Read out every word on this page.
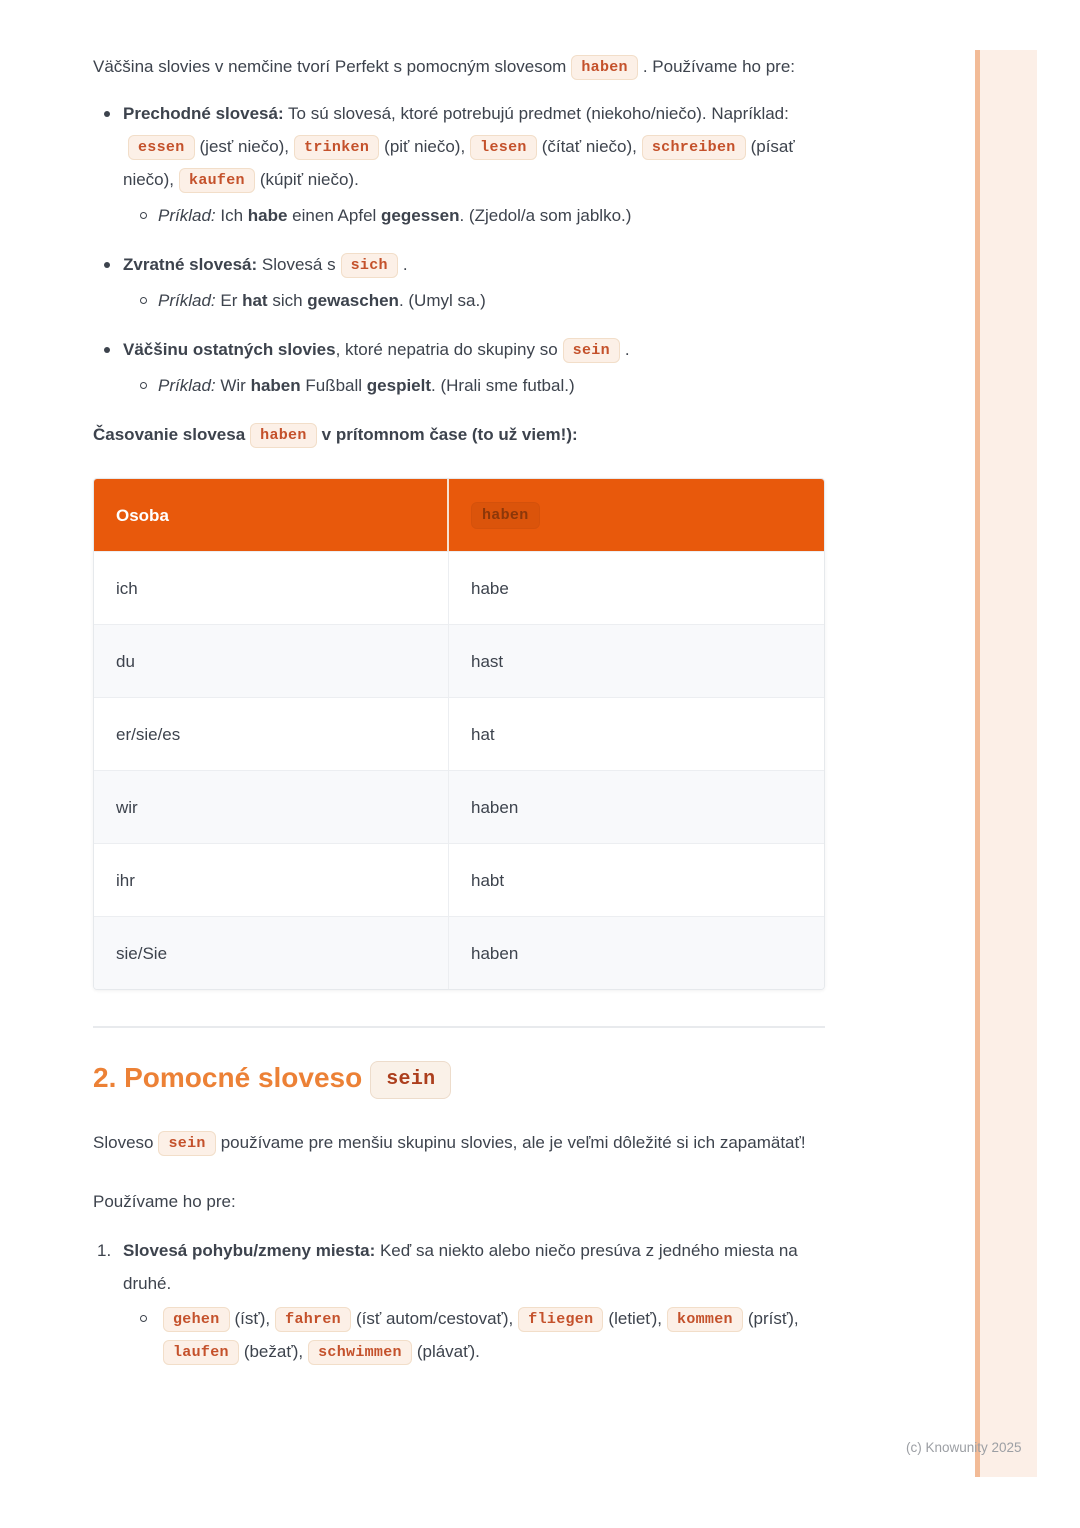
Väčšina slovies v nemčine tvorí Perfekt s pomocným slovesom haben . Používame ho pre:

Prechodné slovesá: To sú slovesá, ktoré potrebujú predmet (niekoho/niečo). Napríklad:essen (jesť niečo), trinken (piť niečo), lesen (čítať niečo), schreiben (písať niečo), kaufen (kúpiť niečo).
Príklad: Ich habe einen Apfel gegessen. (Zjedol/a som jablko.)
Zvratné slovesá: Slovesá s sich .
Príklad: Er hat sich gewaschen. (Umyl sa.)
Väčšinu ostatných slovies, ktoré nepatria do skupiny so sein .
Príklad: Wir haben Fußball gespielt. (Hrali sme futbal.)

Časovanie slovesa haben v prítomnom čase (to už viem!):

Osoba	haben
ich	habe
du	hast
er/sie/es	hat
wir	haben
ihr	habt
sie/Sie	haben
2. Pomocné sloveso sein

Sloveso sein používame pre menšiu skupinu slovies, ale je veľmi dôležité si ich zapamätať!

Používame ho pre:

Slovesá pohybu/zmeny miesta: Keď sa niekto alebo niečo presúva z jedného miesta na druhé.
gehen (ísť), fahren (ísť autom/cestovať), fliegen (letieť), kommen (prísť),laufen (bežať), schwimmen (plávať).
(c) Knowunity 2025
